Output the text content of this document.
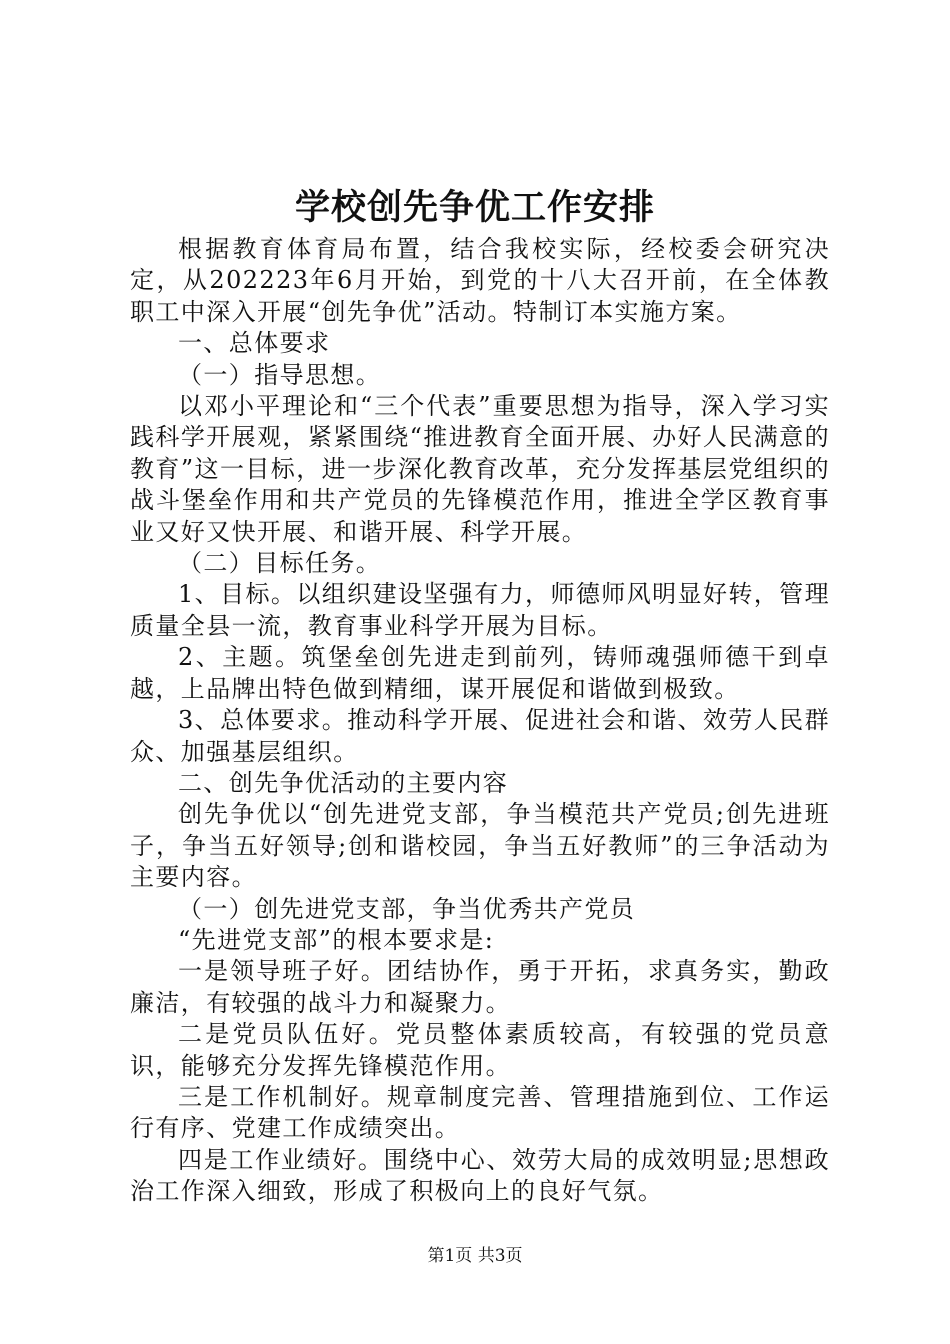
学校创先争优工作安排

根据教育体育局布置，结合我校实际，经校委会研究决定，从202223年6月开始，到党的十八大召开前，在全体教职工中深入开展“创先争优”活动。特制订本实施方案。

一、总体要求

（一）指导思想。

以邓小平理论和“三个代表”重要思想为指导，深入学习实践科学开展观，紧紧围绕“推进教育全面开展、办好人民满意的教育”这一目标，进一步深化教育改革，充分发挥基层党组织的战斗堡垒作用和共产党员的先锋模范作用，推进全学区教育事业又好又快开展、和谐开展、科学开展。

（二）目标任务。

1、目标。以组织建设坚强有力，师德师风明显好转，管理质量全县一流，教育事业科学开展为目标。

2、主题。筑堡垒创先进走到前列，铸师魂强师德干到卓越，上品牌出特色做到精细，谋开展促和谐做到极致。

3、总体要求。推动科学开展、促进社会和谐、效劳人民群众、加强基层组织。

二、创先争优活动的主要内容

创先争优以“创先进党支部，争当模范共产党员;创先进班子，争当五好领导;创和谐校园，争当五好教师”的三争活动为主要内容。

（一）创先进党支部，争当优秀共产党员

“先进党支部”的根本要求是:

一是领导班子好。团结协作，勇于开拓，求真务实，勤政廉洁，有较强的战斗力和凝聚力。

二是党员队伍好。党员整体素质较高，有较强的党员意识，能够充分发挥先锋模范作用。

三是工作机制好。规章制度完善、管理措施到位、工作运行有序、党建工作成绩突出。

四是工作业绩好。围绕中心、效劳大局的成效明显;思想政治工作深入细致，形成了积极向上的良好气氛。

第1页 共3页
